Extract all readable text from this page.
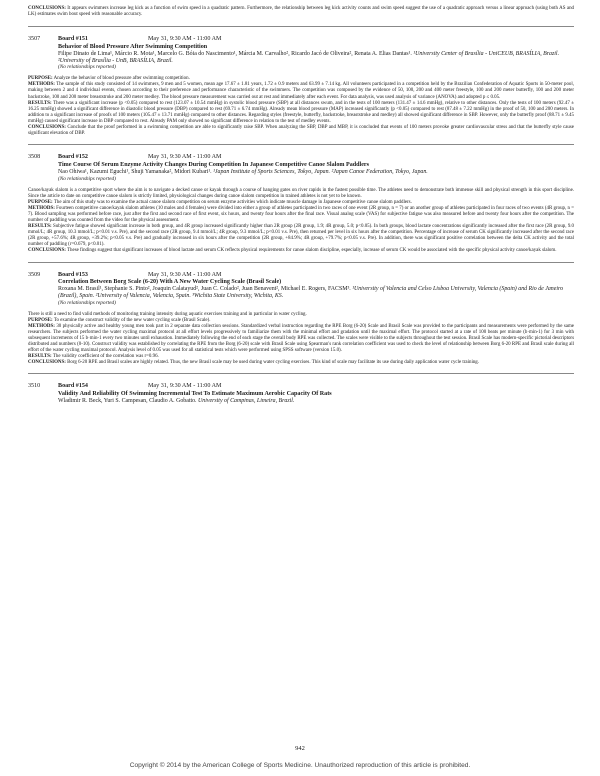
CONCLUSIONS: It appears swimmers increase leg kick as a function of swim speed in a quadratic pattern. Furthermore, the relationship between leg kick activity counts and swim speed suggest the use of a quadratic approach versus a linear approach (using both AS and LK) estimates swim bout speed with reasonable accuracy.

3507	Board #151	May 31, 9:30 AM - 11:00 AM
Behavior of Blood Pressure After Swimming Competition
Filipe Dinato de Lima¹, Márcio R. Mota¹, Marcelo G. Bóia do Nascimento¹, Márcia M. Carvalho², Ricardo Jacó de Oliveira², Renata A. Elias Dantas¹. ¹University Center of Brasília - UniCEUB, BRASÍLIA, Brazil. ²University of Brasília - UnB, BRASÍLIA, Brazil.
(No relationships reported)

PURPOSE: Analyze the behavior of blood pressure after swimming competition.

METHODS: The sample of this study consisted of 14 swimmers, 9 men and 5 women, mean age 17.67 ± 1.81 years, 1.72 ± 0.9 meters and 63.99 ± 7.14 kg. All volunteers participated in a competition held by the Brazilian Confederation of Aquatic Sports in 50-meter pool, making between 2 and 4 individual events, chosen according to their preference and performance characteristic of the swimmers. The competition was composed by the evidence of 50, 100, 200 and 400 meter freestyle, 100 and 200 meter butterfly, 100 and 200 meter backstroke, 100 and 200 meter breaststroke and 200 meter medley. The blood pressure measurement was carried out at rest and immediately after each event. For data analysis, was used analysis of variance (ANOVA) and adopted p ≤ 0.05.

RESULTS: There was a significant increase (p <0.05) compared to rest (123.07 ± 10.54 mmHg) in systolic blood pressure (SBP) at all distances swum, and in the tests of 100 meters (131.47 ± 14.6 mmHg), relative to other distances. Only the tests of 100 meters (92.47 ± 16.25 mmHg) showed a significant difference in diastolic blood pressure (DBP) compared to rest (69.71 ± 6.74 mmHg). Already mean blood pressure (MAP) increased significantly (p <0.05) compared to rest (87.48 ± 7.22 mmHg) in the proof of 50, 100 and 200 meters. In addition to a significant increase of proofs of 100 meters (105.47 ± 13.71 mmHg) compared to other distances. Regarding styles (freestyle, butterfly, backstroke, breaststroke and medley) all showed significant difference in SBP. However, only the butterfly proof (88.71 ± 9.45 mmHg) caused significant increase in DBP compared to rest. Already PAM only showed no significant difference in relation to the test of medley events.

CONCLUSIONS: Conclude that the proof performed in a swimming competition are able to significantly raise SBP. When analyzing the SBP, DBP and MBP, it is concluded that events of 100 meters provoke greater cardiovascular stress and that the butterfly style cause significant elevation of DBP.

3508	Board #152	May 31, 9:30 AM - 11:00 AM
Time Course Of Serum Enzyme Activity Changes During Competition In Japanese Competitive Canoe Slalom Paddlers
Nao Ohiwa¹, Kazumi Eguchi¹, Shuji Yamanaka², Midori Kubari¹. ¹Japan Institute of Sports Sciences, Tokyo, Japan. ²Japan Canoe Federation, Tokyo, Japan.
(No relationships reported)

Canoe/kayak slalom is a competitive sport where the aim is to navigate a decked canoe or kayak through a course of hanging gates on river rapids in the fastest possible time. The athletes need to demonstrate both immense skill and physical strength in this sport discipline. Since the article to date on competitive canoe slalom is strictly limited, physiological changes during canoe slalom competition in trained athletes is not yet to be known.

PURPOSE: The aim of this study was to examine the actual canoe slalom competition on serum enzyme activities which indicate muscle damage in Japanese competitive canoe slalom paddlers.

METHODS: Fourteen competitive canoe/kayak slalom athletes (10 males and 4 females) were divided into either a group of athletes participated in two races of one event (2R group, n = 7) or an another group of athletes participated in four races of two events (4R group, n = 7). Blood sampling was performed before race, just after the first and second race of first event, six hours, and twenty four hours after the final race. Visual analog scale (VAS) for subjective fatigue was also measured before and twenty four hours after the competition. The number of paddling was counted from the video for the physical assessment.

RESULTS: Subjective fatigue showed significant increase in both group, and 4R group increased significantly higher than 2R group (2R group, 1.9; 4R group, 5.0; p<0.05). In both groups, blood lactate concentrations significantly increased after the first race (2R group, 9.0 mmol/L; 4R group, 10.3 mmol/L; p<0.01 v.s. Pre), and the second race (2R group, 9.4 mmol/L; 4R group, 9.3 mmol/L; p<0.01 v.s. Pre), then returned per level in six hours after the competition. Percentage of increase of serum CK significantly increased after the second race (2R group, +57.6%; 4R group, +39.2%; p<0.05 v.s. Pre) and gradually increased in six hours after the competition (2R group, +84.9%; 4R group, +79.7%; p<0.05 v.s. Pre). In addition, there was significant positive correlation between the delta CK activity and the total number of paddling (r=0.679, p<0.01).

CONCLUSIONS: These findings suggest that significant increases of blood lactate and serum CK reflects physical requirements for canoe slalom discipline, especially, increase of serum CK would be associated with the specific physical activity canoe/kayak slalom.

3509	Board #153	May 31, 9:30 AM - 11:00 AM
Correlation Between Borg Scale (6-20) With A New Water Cycling Scale (Brasil Scale)
Roxana M. Brasil¹, Stephanie S. Pinto², Joaquin Calatayud², Juan C. Colado², Juan Benavent², Michael E. Rogers, FACSM³. ¹University of Valencia and Celso Lisboa University, Valencia (Spain) and Rio de Janeiro (Brazil), Spain. ²University of Valencia, Valencia, Spain. ³Wichita State University, Wichita, KS.
(No relationships reported)

There is still a need to find valid methods of monitoring training intensity during aquatic exercises training and in particular in water cycling.

PURPOSE: To examine the construct validity of the new water cycling scale (Brasil Scale).

METHODS: 30 physically active and healthy young men took part in 2 separate data collection sessions. Standardized verbal instruction regarding the RPE Borg (6-20) Scale and Brasil Scale was provided to the participants and measurements were performed by the same researchers. The subjects performed the water cycling maximal protocol at all effort levels progressively to familiarize them with the minimal effort and gradation until the maximal effort. The protocol started at a rate of 100 beats per minute (b·min-1) for 3 min with subsequent increments of 15 b·min-1 every two minutes until exhaustion. Immediately following the end of each stage the overall body RPE was collected. The scales were visible to the subjects throughout the test session. Brasil Scale has modern-specific pictorial descriptors distributed and numbers (0-10). Construct validity was established by correlating the RPE from the Borg (6-20) scale with Brasil Scale using Spearman's rank correlation coefficient was used to check the level of relationship between Borg 6-20 RPE and Brasil scale during all effort of the water cycling maximal protocol. Analysis level of 0.05 was used for all statistical tests which were performed using SPSS software (version 15.0).

RESULTS: The validity coefficient of the correlation was r=0.96.

CONCLUSIONS: Borg 6-20 RPE and Brasil scales are highly related. Thus, the new Brasil scale may be used during water cycling exercises. This kind of scale may facilitate its use during daily application water cycle training.

3510	Board #154	May 31, 9:30 AM - 11:00 AM
Validity And Reliability Of Swimming Incremental Test To Estimate Maximum Aerobic Capacity Of Rats
Wladimir R. Beck, Yuri S. Campesan, Claudio A. Gobatto. University of Campinas, Limeira, Brazil.
942
Copyright © 2014 by the American College of Sports Medicine. Unauthorized reproduction of this article is prohibited.
